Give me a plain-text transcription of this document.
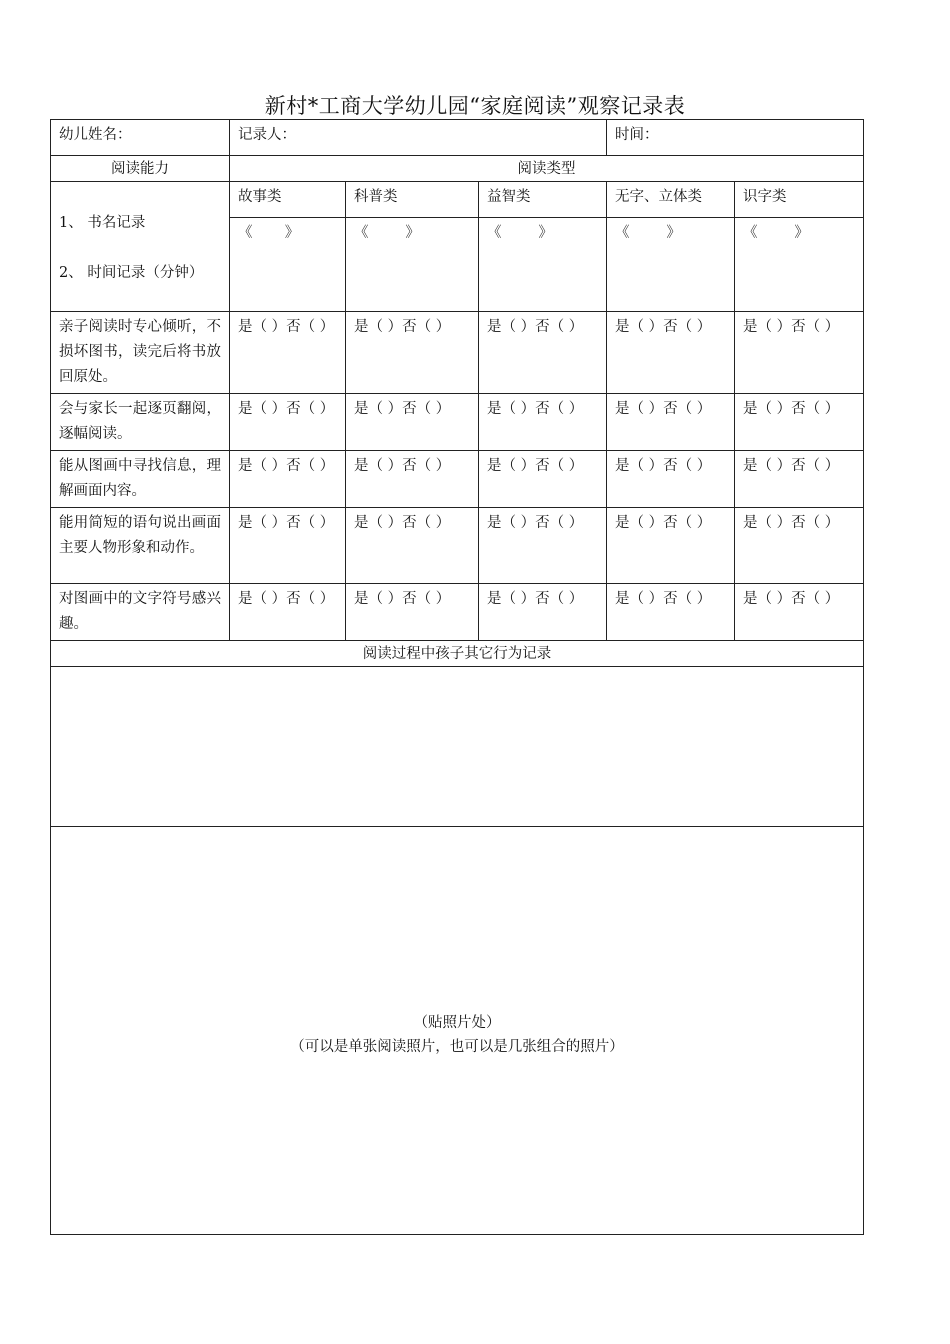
新村*工商大学幼儿园“家庭阅读”观察记录表
幼儿姓名：	记录人：			时间：	
阅读能力	阅读类型				

1、 书名记录
2、 时间记录（分钟）	故事类	科普类	益智类	无字、立体类	识字类
	《       》	《        》	《        》	《        》	《        》
亲子阅读时专心倾听，不损坏图书，读完后将书放回原处。	是（ ）否（ ）	是（ ）否（ ）	是（ ）否（ ）	是（ ）否（ ）	是（ ）否（ ）
会与家长一起逐页翻阅，逐幅阅读。	是（ ）否（ ）	是（ ）否（ ）	是（ ）否（ ）	是（ ）否（ ）	是（ ）否（ ）
能从图画中寻找信息，理解画面内容。	是（ ）否（ ）	是（ ）否（ ）	是（ ）否（ ）	是（ ）否（ ）	是（ ）否（ ）
能用简短的语句说出画面主要人物形象和动作。	是（ ）否（ ）	是（ ）否（ ）	是（ ）否（ ）	是（ ）否（ ）	是（ ）否（ ）
对图画中的文字符号感兴趣。	是（ ）否（ ）	是（ ）否（ ）	是（ ）否（ ）	是（ ）否（ ）	是（ ）否（ ）
阅读过程中孩子其它行为记录					

（贴照片处）
（可以是单张阅读照片，也可以是几张组合的照片）					
